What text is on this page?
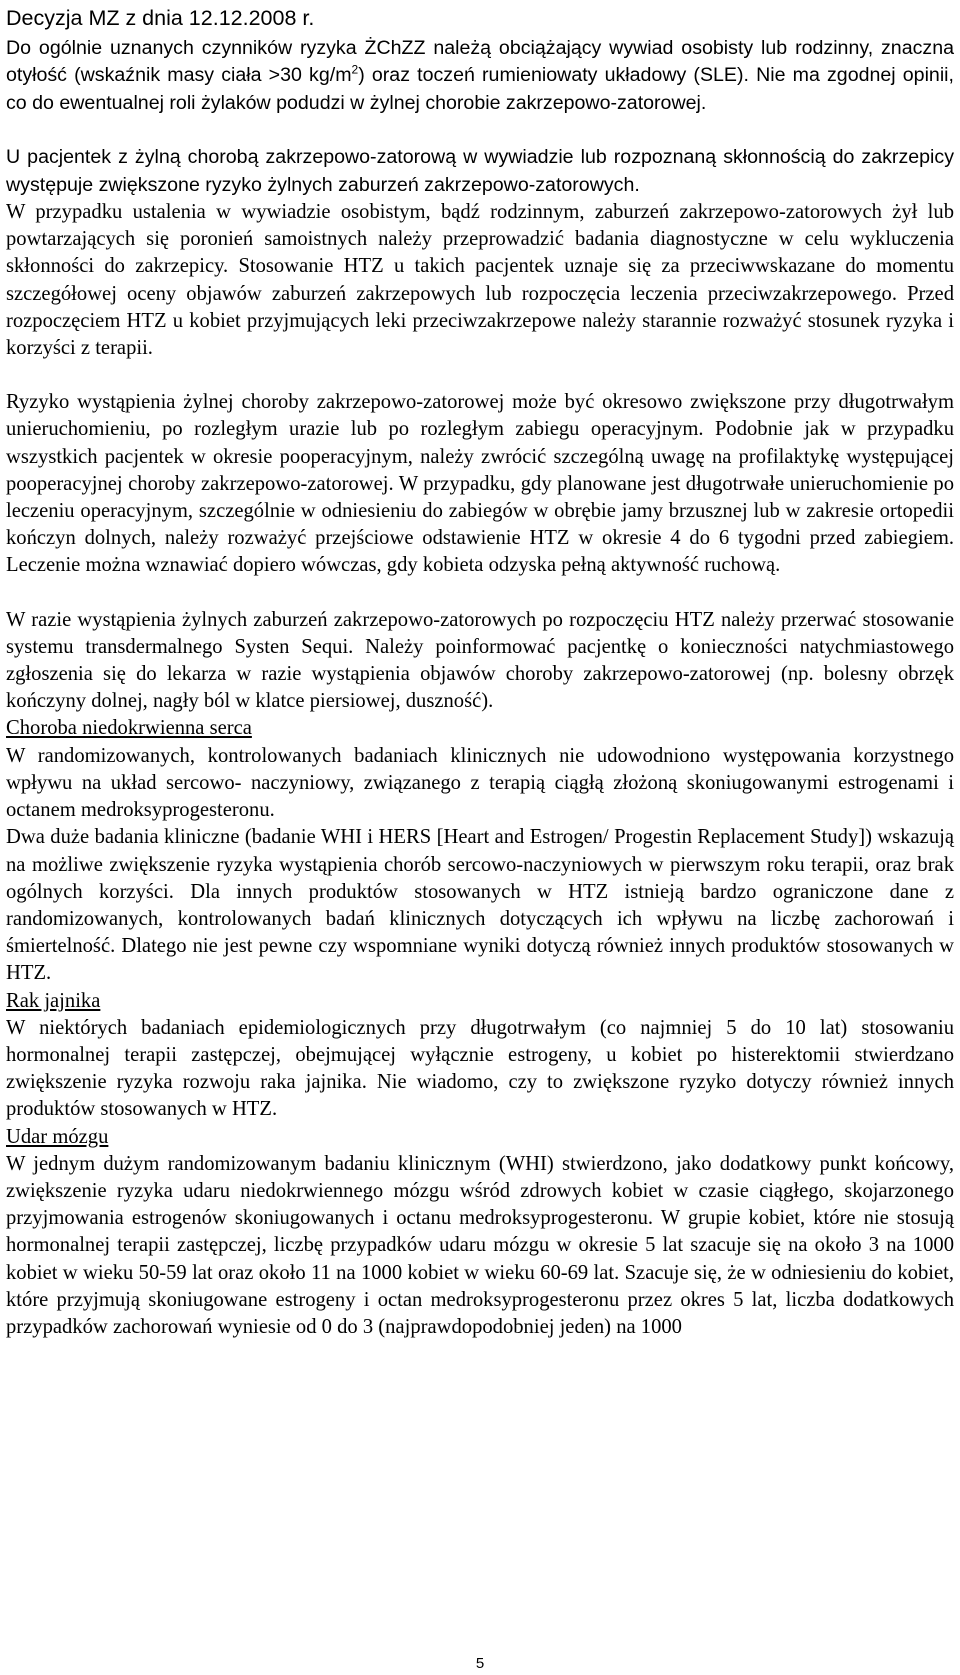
Decyzja MZ z dnia 12.12.2008 r.

Do ogólnie uznanych czynników ryzyka ŻChZZ należą obciążający wywiad osobisty lub rodzinny, znaczna otyłość (wskaźnik masy ciała >30 $kg/m^2$) oraz toczeń rumieniowaty układowy (SLE). Nie ma zgodnej opinii, co do ewentualnej roli żylaków podudzi w żylnej chorobie zakrzepowo-zatorowej.

U pacjentek z żylną chorobą zakrzepowo-zatorową w wywiadzie lub rozpoznaną skłonnością do zakrzepicy występuje zwiększone ryzyko żylnych zaburzeń zakrzepowo-zatorowych.

W przypadku ustalenia w wywiadzie osobistym, bądź rodzinnym, zaburzeń zakrzepowo-zatorowych żył lub powtarzających się poronień samoistnych należy przeprowadzić badania diagnostyczne w celu wykluczenia skłonności do zakrzepicy. Stosowanie HTZ u takich pacjentek uznaje się za przeciwwskazane do momentu szczegółowej oceny objawów zaburzeń zakrzepowych lub rozpoczęcia leczenia przeciwzakrzepowego. Przed rozpoczęciem HTZ u kobiet przyjmujących leki przeciwzakrzepowe należy starannie rozważyć stosunek ryzyka i korzyści z terapii.

Ryzyko wystąpienia żylnej choroby zakrzepowo-zatorowej może być okresowo zwiększone przy długotrwałym unieruchomieniu, po rozległym urazie lub po rozległym zabiegu operacyjnym. Podobnie jak w przypadku wszystkich pacjentek w okresie pooperacyjnym, należy zwrócić szczególną uwagę na profilaktykę występującej pooperacyjnej choroby zakrzepowo-zatorowej. W przypadku, gdy planowane jest długotrwałe unieruchomienie po leczeniu operacyjnym, szczególnie w odniesieniu do zabiegów w obrębie jamy brzusznej lub w zakresie ortopedii kończyn dolnych, należy rozważyć przejściowe odstawienie HTZ w okresie 4 do 6 tygodni przed zabiegiem. Leczenie można wznawiać dopiero wówczas, gdy kobieta odzyska pełną aktywność ruchową.

W razie wystąpienia żylnych zaburzeń zakrzepowo-zatorowych po rozpoczęciu HTZ należy przerwać stosowanie systemu transdermalnego Systen Sequi. Należy poinformować pacjentkę o konieczności natychmiastowego zgłoszenia się do lekarza w razie wystąpienia objawów choroby zakrzepowo-zatorowej (np. bolesny obrzęk kończyny dolnej, nagły ból w klatce piersiowej, duszność).

Choroba niedokrwienna serca

W randomizowanych, kontrolowanych badaniach klinicznych nie udowodniono występowania korzystnego wpływu na układ sercowo- naczyniowy, związanego z terapią ciągłą złożoną skoniugowanymi estrogenami i octanem medroksyprogesteronu.

Dwa duże badania kliniczne (badanie WHI i HERS [Heart and Estrogen/ Progestin Replacement Study]) wskazują na możliwe zwiększenie ryzyka wystąpienia chorób sercowo-naczyniowych w pierwszym roku terapii, oraz brak ogólnych korzyści. Dla innych produktów stosowanych w HTZ istnieją bardzo ograniczone dane z randomizowanych, kontrolowanych badań klinicznych dotyczących ich wpływu na liczbę zachorowań i śmiertelność. Dlatego nie jest pewne czy wspomniane wyniki dotyczą również innych produktów stosowanych w HTZ.

Rak jajnika

W niektórych badaniach epidemiologicznych przy długotrwałym (co najmniej 5 do 10 lat) stosowaniu hormonalnej terapii zastępczej, obejmującej wyłącznie estrogeny, u kobiet po histerektomii stwierdzano zwiększenie ryzyka rozwoju raka jajnika. Nie wiadomo, czy to zwiększone ryzyko dotyczy również innych produktów stosowanych w HTZ.

Udar mózgu

W jednym dużym randomizowanym badaniu klinicznym (WHI) stwierdzono, jako dodatkowy punkt końcowy, zwiększenie ryzyka udaru niedokrwiennego mózgu wśród zdrowych kobiet w czasie ciągłego, skojarzonego przyjmowania estrogenów skoniugowanych i octanu medroksyprogesteronu. W grupie kobiet, które nie stosują hormonalnej terapii zastępczej, liczbę przypadków udaru mózgu w okresie 5 lat szacuje się na około 3 na 1000 kobiet w wieku 50-59 lat oraz około 11 na 1000 kobiet w wieku 60-69 lat. Szacuje się, że w odniesieniu do kobiet, które przyjmują skoniugowane estrogeny i octan medroksyprogesteronu przez okres 5 lat, liczba dodatkowych przypadków zachorowań wyniesie od 0 do 3 (najprawdopodobniej jeden) na 1000

5
